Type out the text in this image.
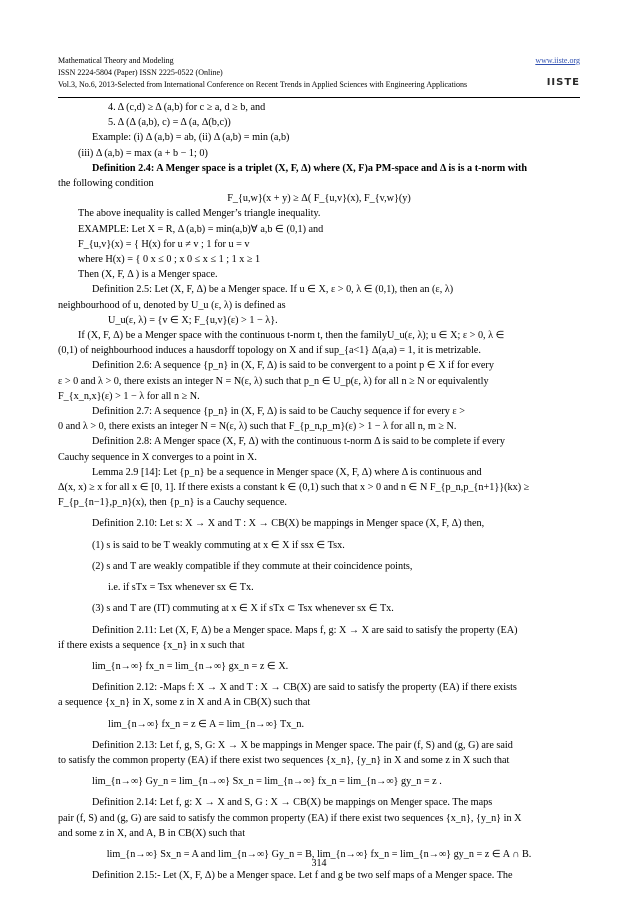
Mathematical Theory and Modeling	www.iiste.org
ISSN 2224-5804 (Paper) ISSN 2225-0522 (Online)
Vol.3, No.6, 2013-Selected from International Conference on Recent Trends in Applied Sciences with Engineering Applications	IISTE

4. Δ (c,d) ≥ Δ (a,b) for c ≥ a, d ≥ b, and

5. Δ (Δ (a,b), c) = Δ (a, Δ(b,c))

Example: (i) Δ (a,b) = ab, (ii) Δ (a,b) = min (a,b)

(iii) Δ (a,b) = max (a + b − 1; 0)

Definition 2.4: A Menger space is a triplet (X, F, Δ) where (X, F)a PM-space and Δ is is a t-norm with

the following condition

F_{u,w}(x + y) ≥ Δ( F_{u,v}(x), F_{v,w}(y)

The above inequality is called Menger’s triangle inequality.

EXAMPLE: Let X = R, Δ (a,b) = min(a,b)∀ a,b ∈ (0,1) and

F_{u,v}(x) = { H(x) for u ≠ v ; 1 for u = v

where H(x) = { 0 x ≤ 0 ; x 0 ≤ x ≤ 1 ; 1 x ≥ 1

Then (X, F, Δ ) is a Menger space.

Definition 2.5: Let (X, F, Δ) be a Menger space. If u ∈ X, ε > 0, λ ∈ (0,1), then an (ε, λ)

neighbourhood of u, denoted by U_u (ε, λ) is defined as

U_u(ε, λ) = {v ∈ X; F_{u,v}(ε) > 1 − λ}.

If (X, F, Δ) be a Menger space with the continuous t-norm t, then the familyU_u(ε, λ); u ∈ X; ε > 0, λ ∈

(0,1) of neighbourhood induces a hausdorff topology on X and if sup_{a<1} Δ(a,a) = 1, it is metrizable.

Definition 2.6: A sequence {p_n} in (X, F, Δ) is said to be convergent to a point p ∈ X if for every

ε > 0 and λ > 0, there exists an integer N = N(ε, λ) such that p_n ∈ U_p(ε, λ) for all n ≥ N or equivalently

F_{x_n,x}(ε) > 1 − λ for all n ≥ N.

Definition 2.7: A sequence {p_n} in (X, F, Δ) is said to be Cauchy sequence if for every ε >

0 and λ > 0, there exists an integer N = N(ε, λ) such that F_{p_n,p_m}(ε) > 1 − λ for all n, m ≥ N.

Definition 2.8: A Menger space (X, F, Δ) with the continuous t-norm Δ is said to be complete if every

Cauchy sequence in X converges to a point in X.

Lemma 2.9 [14]: Let {p_n} be a sequence in Menger space (X, F, Δ) where Δ is continuous and

Δ(x, x) ≥ x for all x ∈ [0, 1]. If there exists a constant k ∈ (0,1) such that x > 0 and n ∈ N F_{p_n,p_{n+1}}(kx) ≥

F_{p_{n−1},p_n}(x), then {p_n} is a Cauchy sequence.

Definition 2.10: Let s: X → X and T : X → CB(X) be mappings in Menger space (X, F, Δ) then,

(1) s is said to be T weakly commuting at x ∈ X if ssx ∈ Tsx.

(2) s and T are weakly compatible if they commute at their coincidence points,

i.e. if sTx = Tsx whenever sx ∈ Tx.

(3) s and T are (IT) commuting at x ∈ X if sTx ⊂ Tsx whenever sx ∈ Tx.

Definition 2.11: Let (X, F, Δ) be a Menger space. Maps f, g: X → X are said to satisfy the property (EA)

if there exists a sequence {x_n} in x such that

lim_{n→∞} fx_n = lim_{n→∞} gx_n = z ∈ X.

Definition 2.12: -Maps f: X → X and T : X → CB(X) are said to satisfy the property (EA) if there exists

a sequence {x_n} in X, some z in X and A in CB(X) such that

lim_{n→∞} fx_n = z ∈ A = lim_{n→∞} Tx_n.

Definition 2.13: Let f, g, S, G: X → X be mappings in Menger space. The pair (f, S) and (g, G) are said

to satisfy the common property (EA) if there exist two sequences {x_n}, {y_n} in X and some z in X such that

lim_{n→∞} Gy_n = lim_{n→∞} Sx_n = lim_{n→∞} fx_n = lim_{n→∞} gy_n = z .

Definition 2.14: Let f, g: X → X and S, G : X → CB(X) be mappings on Menger space. The maps

pair (f, S) and (g, G) are said to satisfy the common property (EA) if there exist two sequences {x_n}, {y_n} in X

and some z in X, and A, B in CB(X) such that

lim_{n→∞} Sx_n = A and lim_{n→∞} Gy_n = B, lim_{n→∞} fx_n = lim_{n→∞} gy_n = z ∈ A ∩ B.

Definition 2.15:- Let (X, F, Δ) be a Menger space. Let f and g be two self maps of a Menger space. The

314
